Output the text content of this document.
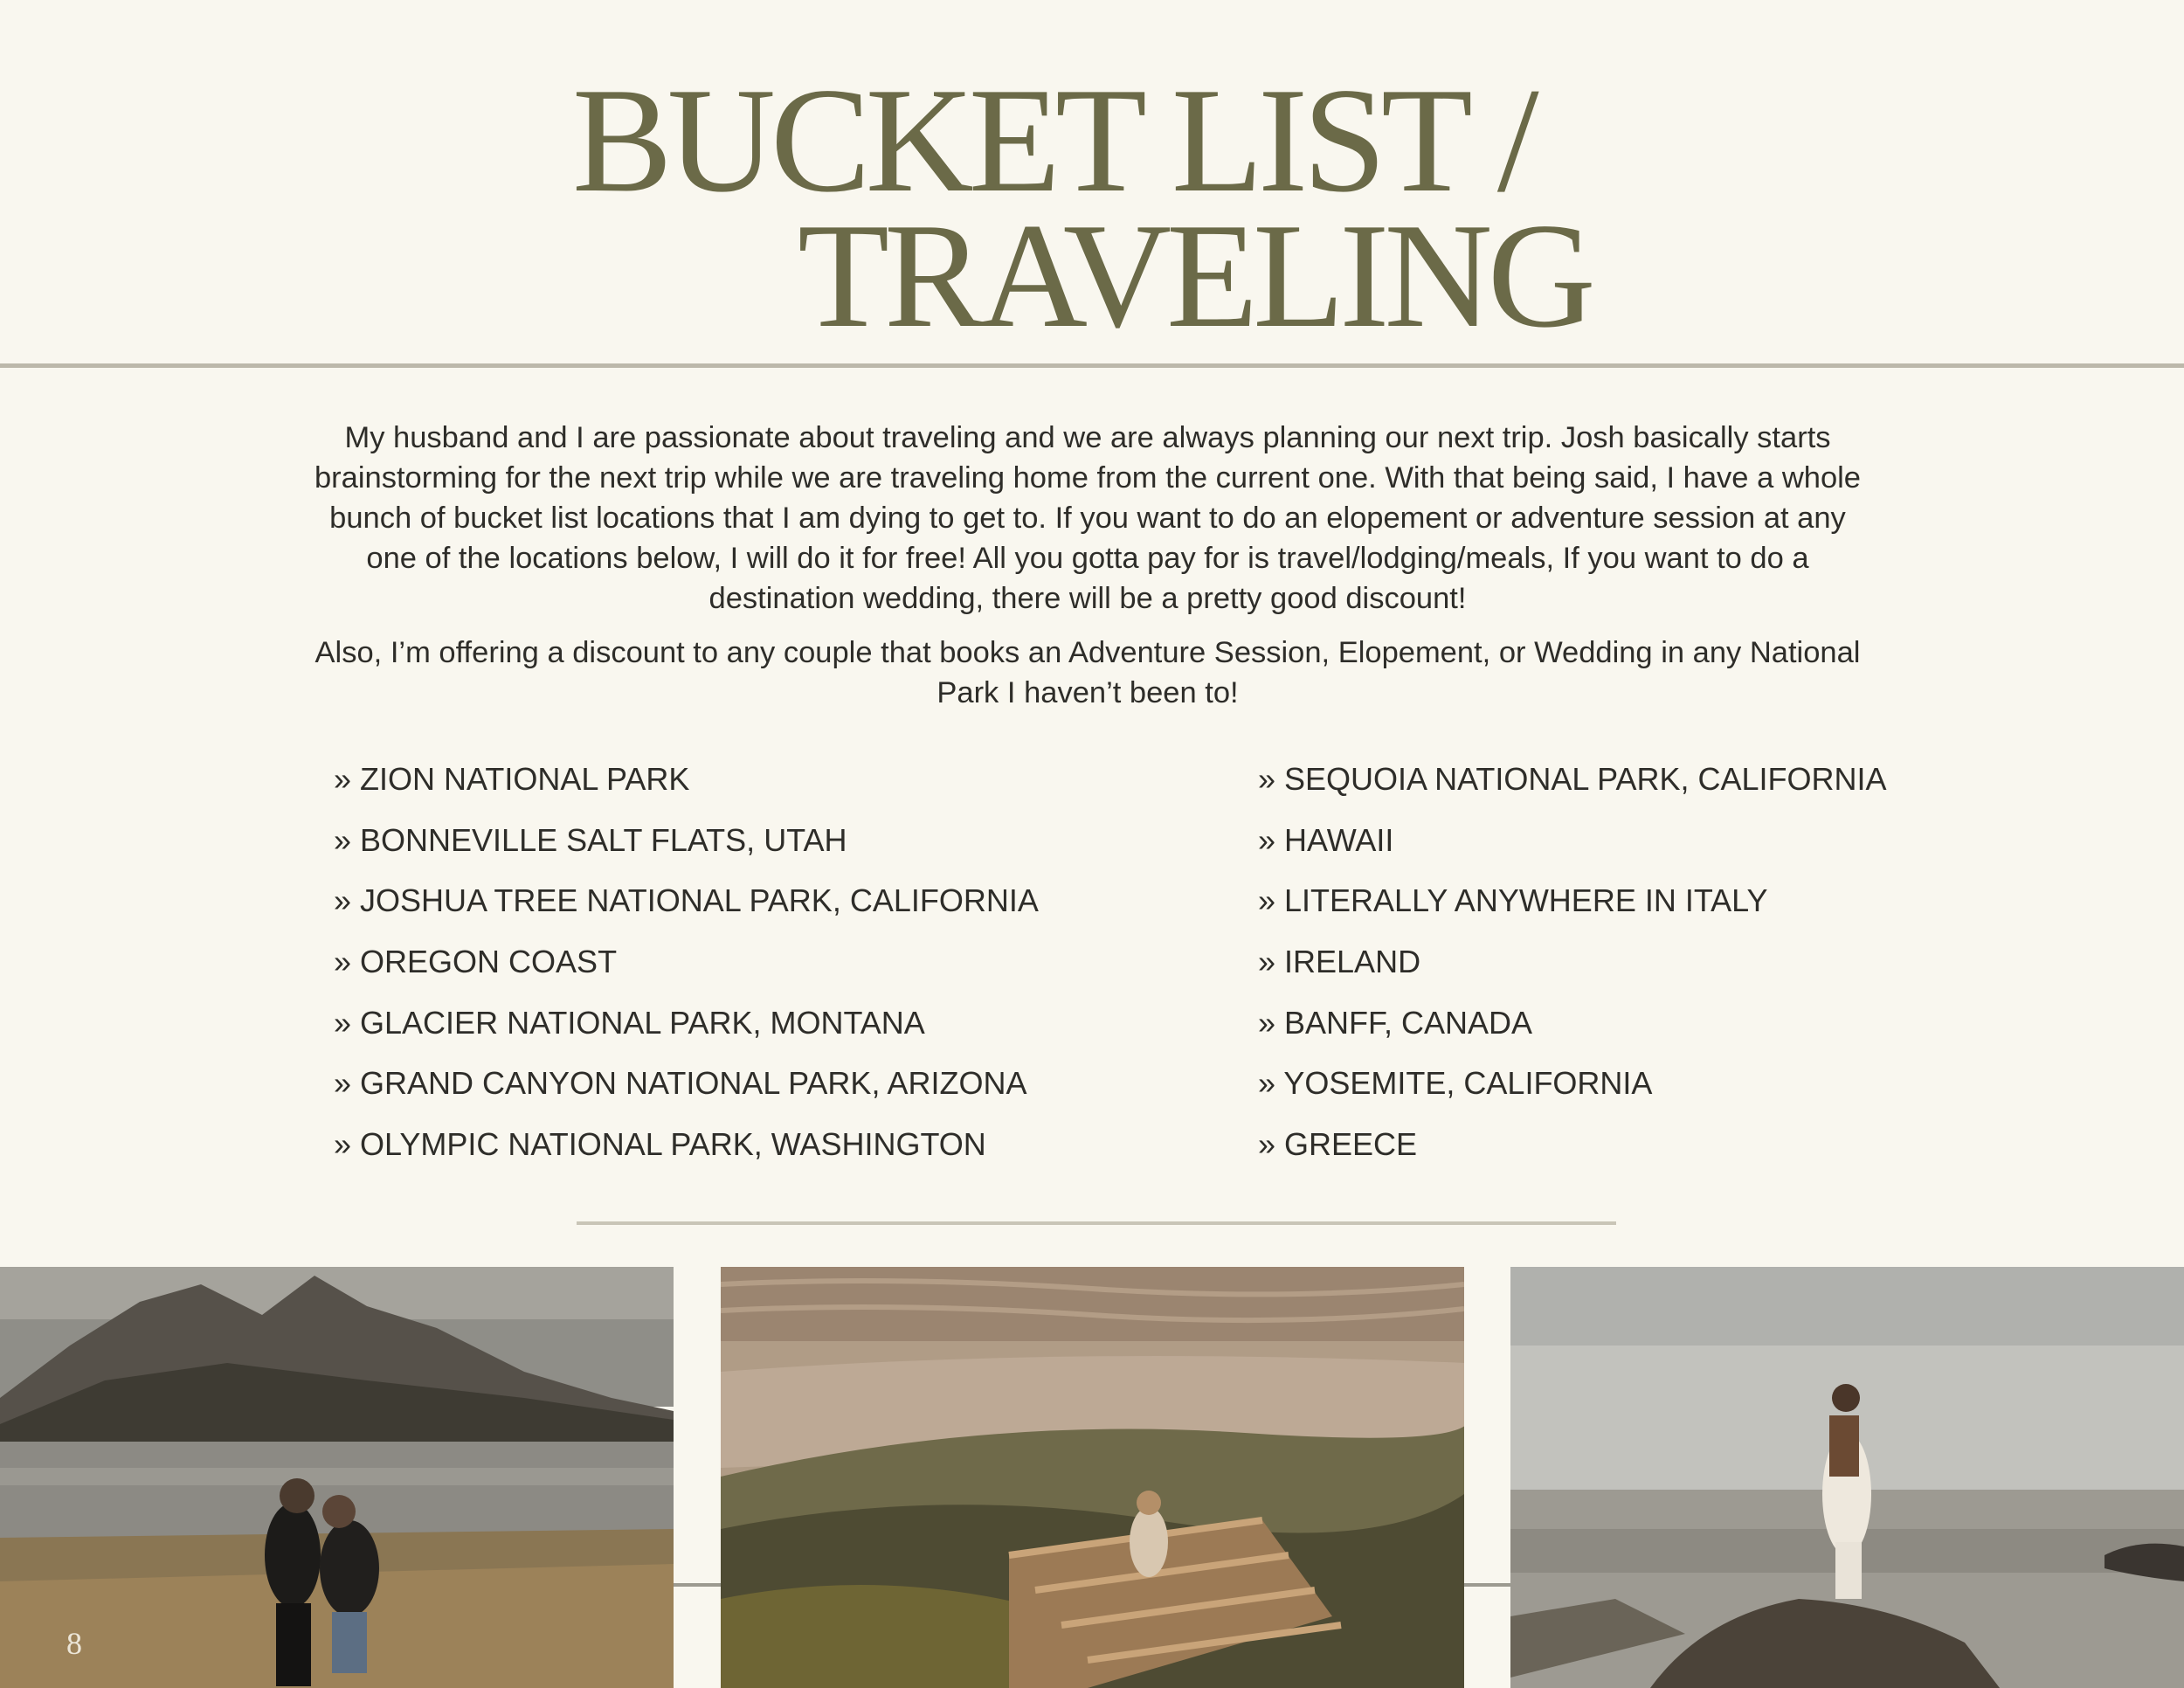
BUCKET LIST /
TRAVELING

My husband and I are passionate about traveling and we are always planning our next trip. Josh basically starts brainstorming for the next trip while we are traveling home from the current one. With that being said, I have a whole bunch of bucket list locations that I am dying to get to. If you want to do an elopement or adventure session at any one of the locations below, I will do it for free! All you gotta pay for is travel/lodging/meals, If you want to do a destination wedding, there will be a pretty good discount!

Also, I’m offering a discount to any couple that books an Adventure Session, Elopement, or Wedding in any National Park I haven’t been to!

» ZION NATIONAL PARK
» BONNEVILLE SALT FLATS, UTAH
» JOSHUA TREE NATIONAL PARK, CALIFORNIA
» OREGON COAST
» GLACIER NATIONAL PARK, MONTANA
» GRAND CANYON NATIONAL PARK, ARIZONA
» OLYMPIC NATIONAL PARK, WASHINGTON
» SEQUOIA NATIONAL PARK, CALIFORNIA
» HAWAII
» LITERALLY ANYWHERE IN ITALY
» IRELAND
» BANFF, CANADA
» YOSEMITE, CALIFORNIA
» GREECE
8
